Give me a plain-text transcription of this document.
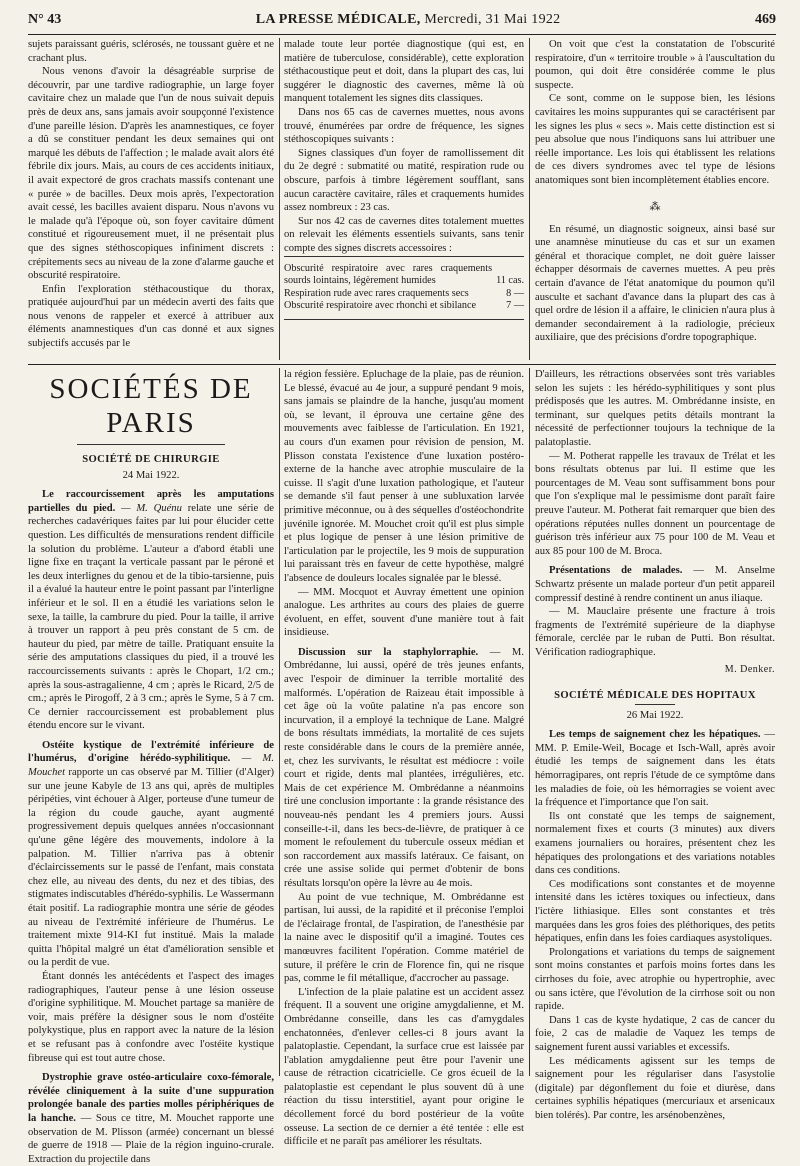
N° 43	LA PRESSE MÉDICALE, Mercredi, 31 Mai 1922	469

sujets paraissant guéris, sclérosés, ne toussant guère et ne crachant plus.

Nous venons d'avoir la désagréable surprise de découvrir, par une tardive radiographie, un large foyer cavitaire chez un malade que l'un de nous suivait depuis près de deux ans, sans jamais avoir soupçonné l'existence d'une pareille lésion. D'après les anamnestiques, ce foyer a dû se constituer pendant les deux semaines qui ont marqué les débuts de l'affection ; le malade avait alors été fébrile dix jours. Mais, au cours de ces accidents initiaux, il avait expectoré de gros crachats massifs contenant une « purée » de bacilles. Deux mois après, l'expectoration avait cessé, les bacilles avaient disparu. Nous n'avons vu le malade qu'à l'époque où, son foyer cavitaire dûment constitué et rigoureusement muet, il ne présentait plus que des signes stéthoscopiques infiniment discrets : crépitements secs au niveau de la zone d'alarme gauche et obscurité respiratoire.

Enfin l'exploration stéthacoustique du thorax, pratiquée aujourd'hui par un médecin averti des faits que nous venons de rappeler et exercé à attribuer aux éléments anamnestiques d'un cas donné et aux signes subjectifs accusés par le

malade toute leur portée diagnostique (qui est, en matière de tuberculose, considérable), cette exploration stéthacoustique peut et doit, dans la plupart des cas, lui suggérer le diagnostic des cavernes, même là où manquent totalement les signes dits classiques.

Dans nos 65 cas de cavernes muettes, nous avons trouvé, énumérées par ordre de fréquence, les signes stéthoscopiques suivants :

Signes classiques d'un foyer de ramollissement dit du 2e degré : submatité ou matité, respiration rude ou obscure, parfois à timbre légèrement soufflant, sans aucun caractère cavitaire, râles et craquements humides assez nombreux : 23 cas.

Sur nos 42 cas de cavernes dites totalement muettes on relevait les éléments essentiels suivants, sans tenir compte des signes discrets accessoires :

Obscurité respiratoire avec rares craquements sourds lointains, légèrement humides	11 cas.
Respiration rude avec rares craquements secs	8 —
Obscurité respiratoire avec rhonchi et sibilance	7 —

On voit que c'est la constatation de l'obscurité respiratoire, d'un « territoire trouble » à l'auscultation du poumon, qui doit être considérée comme le plus suspecte.

Ce sont, comme on le suppose bien, les lésions cavitaires les moins suppurantes qui se caractérisent par les signes les plus « secs ». Mais cette distinction est si peu absolue que nous l'indiquons sans lui attribuer une réelle importance. Les lois qui établissent les relations de ces divers syndromes avec tel type de lésions anatomiques sont bien incomplètement établies encore.

⁂

En résumé, un diagnostic soigneux, ainsi basé sur une anamnèse minutieuse du cas et sur un examen général et thoracique complet, ne doit guère laisser échapper désormais de cavernes muettes. A peu près certain d'avance de l'état anatomique du poumon qu'il ausculte et sachant d'avance dans la plupart des cas à quel ordre de lésion il a affaire, le clinicien n'aura plus à demander secondairement à la radiologie, précieux auxiliaire, que des précisions d'ordre topographique.

SOCIÉTÉS DE PARIS
SOCIÉTÉ DE CHIRURGIE
24 Mai 1922.

Le raccourcissement après les amputations partielles du pied. — M. Quénu relate une série de recherches cadavériques faites par lui pour élucider cette question. Les difficultés de mensurations rendent difficile la solution du problème. L'auteur a d'abord établi une ligne fixe en traçant la verticale passant par le péroné et les deux interlignes du genou et de la tibio-tarsienne, puis il a évalué la hauteur entre le point passant par l'interligne inférieur et le sol. Il en a étudié les variations selon le sexe, la taille, la cambrure du pied. Pour la taille, il arrive à trouver un rapport à peu près constant de 5 cm. de hauteur du pied, par mètre de taille. Pratiquant ensuite la série des amputations classiques du pied, il a trouvé les raccourcissements suivants : après le Chopart, 1/2 cm.; après la sous-astragalienne, 4 cm ; après le Ricard, 2/5 de cm.; après le Pirogoff, 2 à 3 cm.; après le Syme, 5 à 7 cm. Ce dernier raccourcissement est probablement plus étendu encore sur le vivant.

Ostéite kystique de l'extrémité inférieure de l'humérus, d'origine hérédo-syphilitique. — M. Mouchet rapporte un cas observé par M. Tillier (d'Alger) sur une jeune Kabyle de 13 ans qui, après de multiples péripéties, vint échouer à Alger, porteuse d'une tumeur de la région du coude gauche, ayant augmenté progressivement depuis quelques années n'occasionnant qu'une gêne légère des mouvements, indolore à la palpation. M. Tillier n'arriva pas à obtenir d'éclaircissements sur le passé de l'enfant, mais constata chez elle, au niveau des dents, du nez et des tibias, des stigmates indiscutables d'hérédo-syphilis. Le Wassermann était positif. La radiographie montra une série de géodes au niveau de l'extrémité inférieure de l'humérus. Le traitement mixte 914-KI fut institué. Mais la malade quitta l'hôpital malgré un état d'amélioration sensible et ou la perdit de vue.

Étant donnés les antécédents et l'aspect des images radiographiques, l'auteur pense à une lésion osseuse d'origine syphilitique. M. Mouchet partage sa manière de voir, mais préfère la désigner sous le nom d'ostéite polykystique, plus en rapport avec la nature de la lésion et se refusant pas à confondre avec l'ostéite kystique fibreuse qui est tout autre chose.

Dystrophie grave ostéo-articulaire coxo-fémorale, révélée cliniquement à la suite d'une suppuration prolongée banale des parties molles périphériques de la hanche. — Sous ce titre, M. Mouchet rapporte une observation de M. Plisson (armée) concernant un blessé de guerre de 1918 — Plaie de la région inguino-crurale. Extraction du projectile dans

la région fessière. Epluchage de la plaie, pas de réunion. Le blessé, évacué au 4e jour, a suppuré pendant 9 mois, sans jamais se plaindre de la hanche, jusqu'au moment où, se levant, il éprouva une certaine gêne des mouvements avec faiblesse de l'articulation. En 1921, au cours d'un examen pour révision de pension, M. Plisson constata l'existence d'une luxation postéro-externe de la hanche avec atrophie musculaire de la cuisse. Il s'agit d'une luxation pathologique, et l'auteur se demande s'il faut penser à une subluxation larvée primitive méconnue, ou à des séquelles d'ostéochondrite juvénile ignorée. M. Mouchet croit qu'il est plus simple et plus logique de penser à une lésion primitive de l'articulation par le projectile, les 9 mois de suppuration lui paraissant très en faveur de cette hypothèse, malgré l'absence de douleurs locales signalée par le blessé.

— MM. Mocquot et Auvray émettent une opinion analogue. Les arthrites au cours des plaies de guerre évoluent, en effet, souvent d'une manière tout à fait insidieuse.

Discussion sur la staphylorraphie. — M. Ombrédanne, lui aussi, opéré de très jeunes enfants, avec l'espoir de diminuer la terrible mortalité des malformés. L'opération de Raizeau était impossible à cet âge où la voûte palatine n'a pas encore son incurvation, il a employé la technique de Lane. Malgré de bons résultats immédiats, la mortalité de ces sujets reste considérable dans le cours de la première année, et, chez les survivants, le résultat est médiocre : voile court et rigide, dents mal plantées, irrégulières, etc. Mais de cet expérience M. Ombrédanne a néanmoins tiré une conclusion importante : la grande résistance des nouveau-nés pendant les 4 premiers jours. Aussi conseille-t-il, dans les becs-de-lièvre, de pratiquer à ce moment le refoulement du tubercule osseux médian et son raccordement aux massifs latéraux. Ce faisant, on crée une assise solide qui permet d'obtenir de bons résultats lorsqu'on opère la lèvre au 4e mois.

Au point de vue technique, M. Ombrédanne est partisan, lui aussi, de la rapidité et il préconise l'emploi de l'éclairage frontal, de l'aspiration, de l'anesthésie par la naine avec le dispositif qu'il a imaginé. Toutes ces manœuvres facilitent l'opération. Comme matériel de suture, il préfère le crin de Florence fin, qui ne risque pas, comme le fil métallique, d'accrocher au passage.

L'infection de la plaie palatine est un accident assez fréquent. Il a souvent une origine amygdalienne, et M. Ombrédanne conseille, dans les cas d'amygdales enchatonnées, d'enlever celles-ci 8 jours avant la palatoplastie. Cependant, la surface crue est laissée par l'ablation amygdalienne peut être pour l'avenir une cause de rétraction cicatricielle. Ce gros écueil de la palatoplastie est cependant le plus souvent dû à une réaction du tissu interstitiel, ayant pour origine le décollement forcé du bord postérieur de la voûte osseuse. La section de ce dernier a été tentée : elle est difficile et ne paraît pas améliorer les résultats.

D'ailleurs, les rétractions observées sont très variables selon les sujets : les hérédo-syphilitiques y sont plus prédisposés que les autres. M. Ombrédanne insiste, en terminant, sur quelques petits détails montrant la nécessité de perfectionner toujours la technique de la palatoplastie.

— M. Potherat rappelle les travaux de Trélat et les bons résultats obtenus par lui. Il estime que les pourcentages de M. Veau sont suffisamment bons pour que l'on s'explique mal le pessimisme dont paraît faire preuve l'auteur. M. Potherat fait remarquer que bien des opérations réputées nulles donnent un pourcentage de guérison très inférieur aux 75 pour 100 de M. Veau et aux 85 pour 100 de M. Broca.

Présentations de malades. — M. Anselme Schwartz présente un malade porteur d'un petit appareil compressif destiné à rendre continent un anus iliaque.

— M. Mauclaire présente une fracture à trois fragments de l'extrémité supérieure de la diaphyse fémorale, cerclée par le ruban de Putti. Bon résultat. Vérification radiographique.

M. Denker.
SOCIÉTÉ MÉDICALE DES HOPITAUX
26 Mai 1922.

Les temps de saignement chez les hépatiques. — MM. P. Emile-Weil, Bocage et Isch-Wall, après avoir étudié les temps de saignement dans les états hémorragipares, ont repris l'étude de ce symptôme dans les maladies de foie, où les hémorragies se voient avec la fréquence et l'importance que l'on sait.

Ils ont constaté que les temps de saignement, normalement fixes et courts (3 minutes) aux divers examens journaliers ou horaires, présentent chez les hépatiques des prolongations et des variations notables dans ces conditions.

Ces modifications sont constantes et de moyenne intensité dans les ictères toxiques ou infectieux, dans l'ictère lithiasique. Elles sont constantes et très marquées dans les gros foies des pléthoriques, des petits hépatiques, enfin dans les foies cardiaques asystoliques.

Prolongations et variations du temps de saignement sont moins constantes et parfois moins fortes dans les cirrhoses du foie, avec atrophie ou hypertrophie, avec ou sans ictère, que l'évolution de la cirrhose soit ou non rapide.

Dans 1 cas de kyste hydatique, 2 cas de cancer du foie, 2 cas de maladie de Vaquez les temps de saignement furent aussi variables et excessifs.

Les médicaments agissent sur les temps de saignement pour les régulariser dans l'asystolie (digitale) par dégonflement du foie et diurèse, dans certaines syphilis hépatiques (mercuriaux et arsenicaux bien tolérés). Par contre, les arsénobenzènes,
